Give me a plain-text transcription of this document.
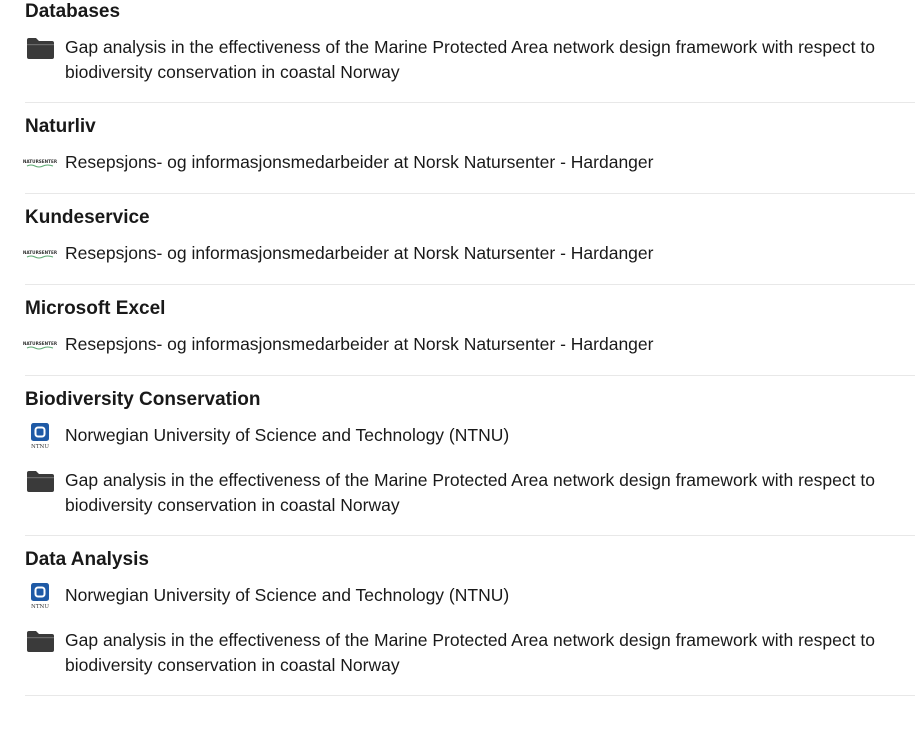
Databases
Gap analysis in the effectiveness of the Marine Protected Area network design framework with respect to biodiversity conservation in coastal Norway
Naturliv
NATURSENTER Resepsjons- og informasjonsmedarbeider at Norsk Natursenter - Hardanger
Kundeservice
NATURSENTER Resepsjons- og informasjonsmedarbeider at Norsk Natursenter - Hardanger
Microsoft Excel
NATURSENTER Resepsjons- og informasjonsmedarbeider at Norsk Natursenter - Hardanger
Biodiversity Conservation
NTNU
Norwegian University of Science and Technology (NTNU)
Gap analysis in the effectiveness of the Marine Protected Area network design framework with respect to biodiversity conservation in coastal Norway
Data Analysis
NTNU
Norwegian University of Science and Technology (NTNU)
Gap analysis in the effectiveness of the Marine Protected Area network design framework with respect to biodiversity conservation in coastal Norway
